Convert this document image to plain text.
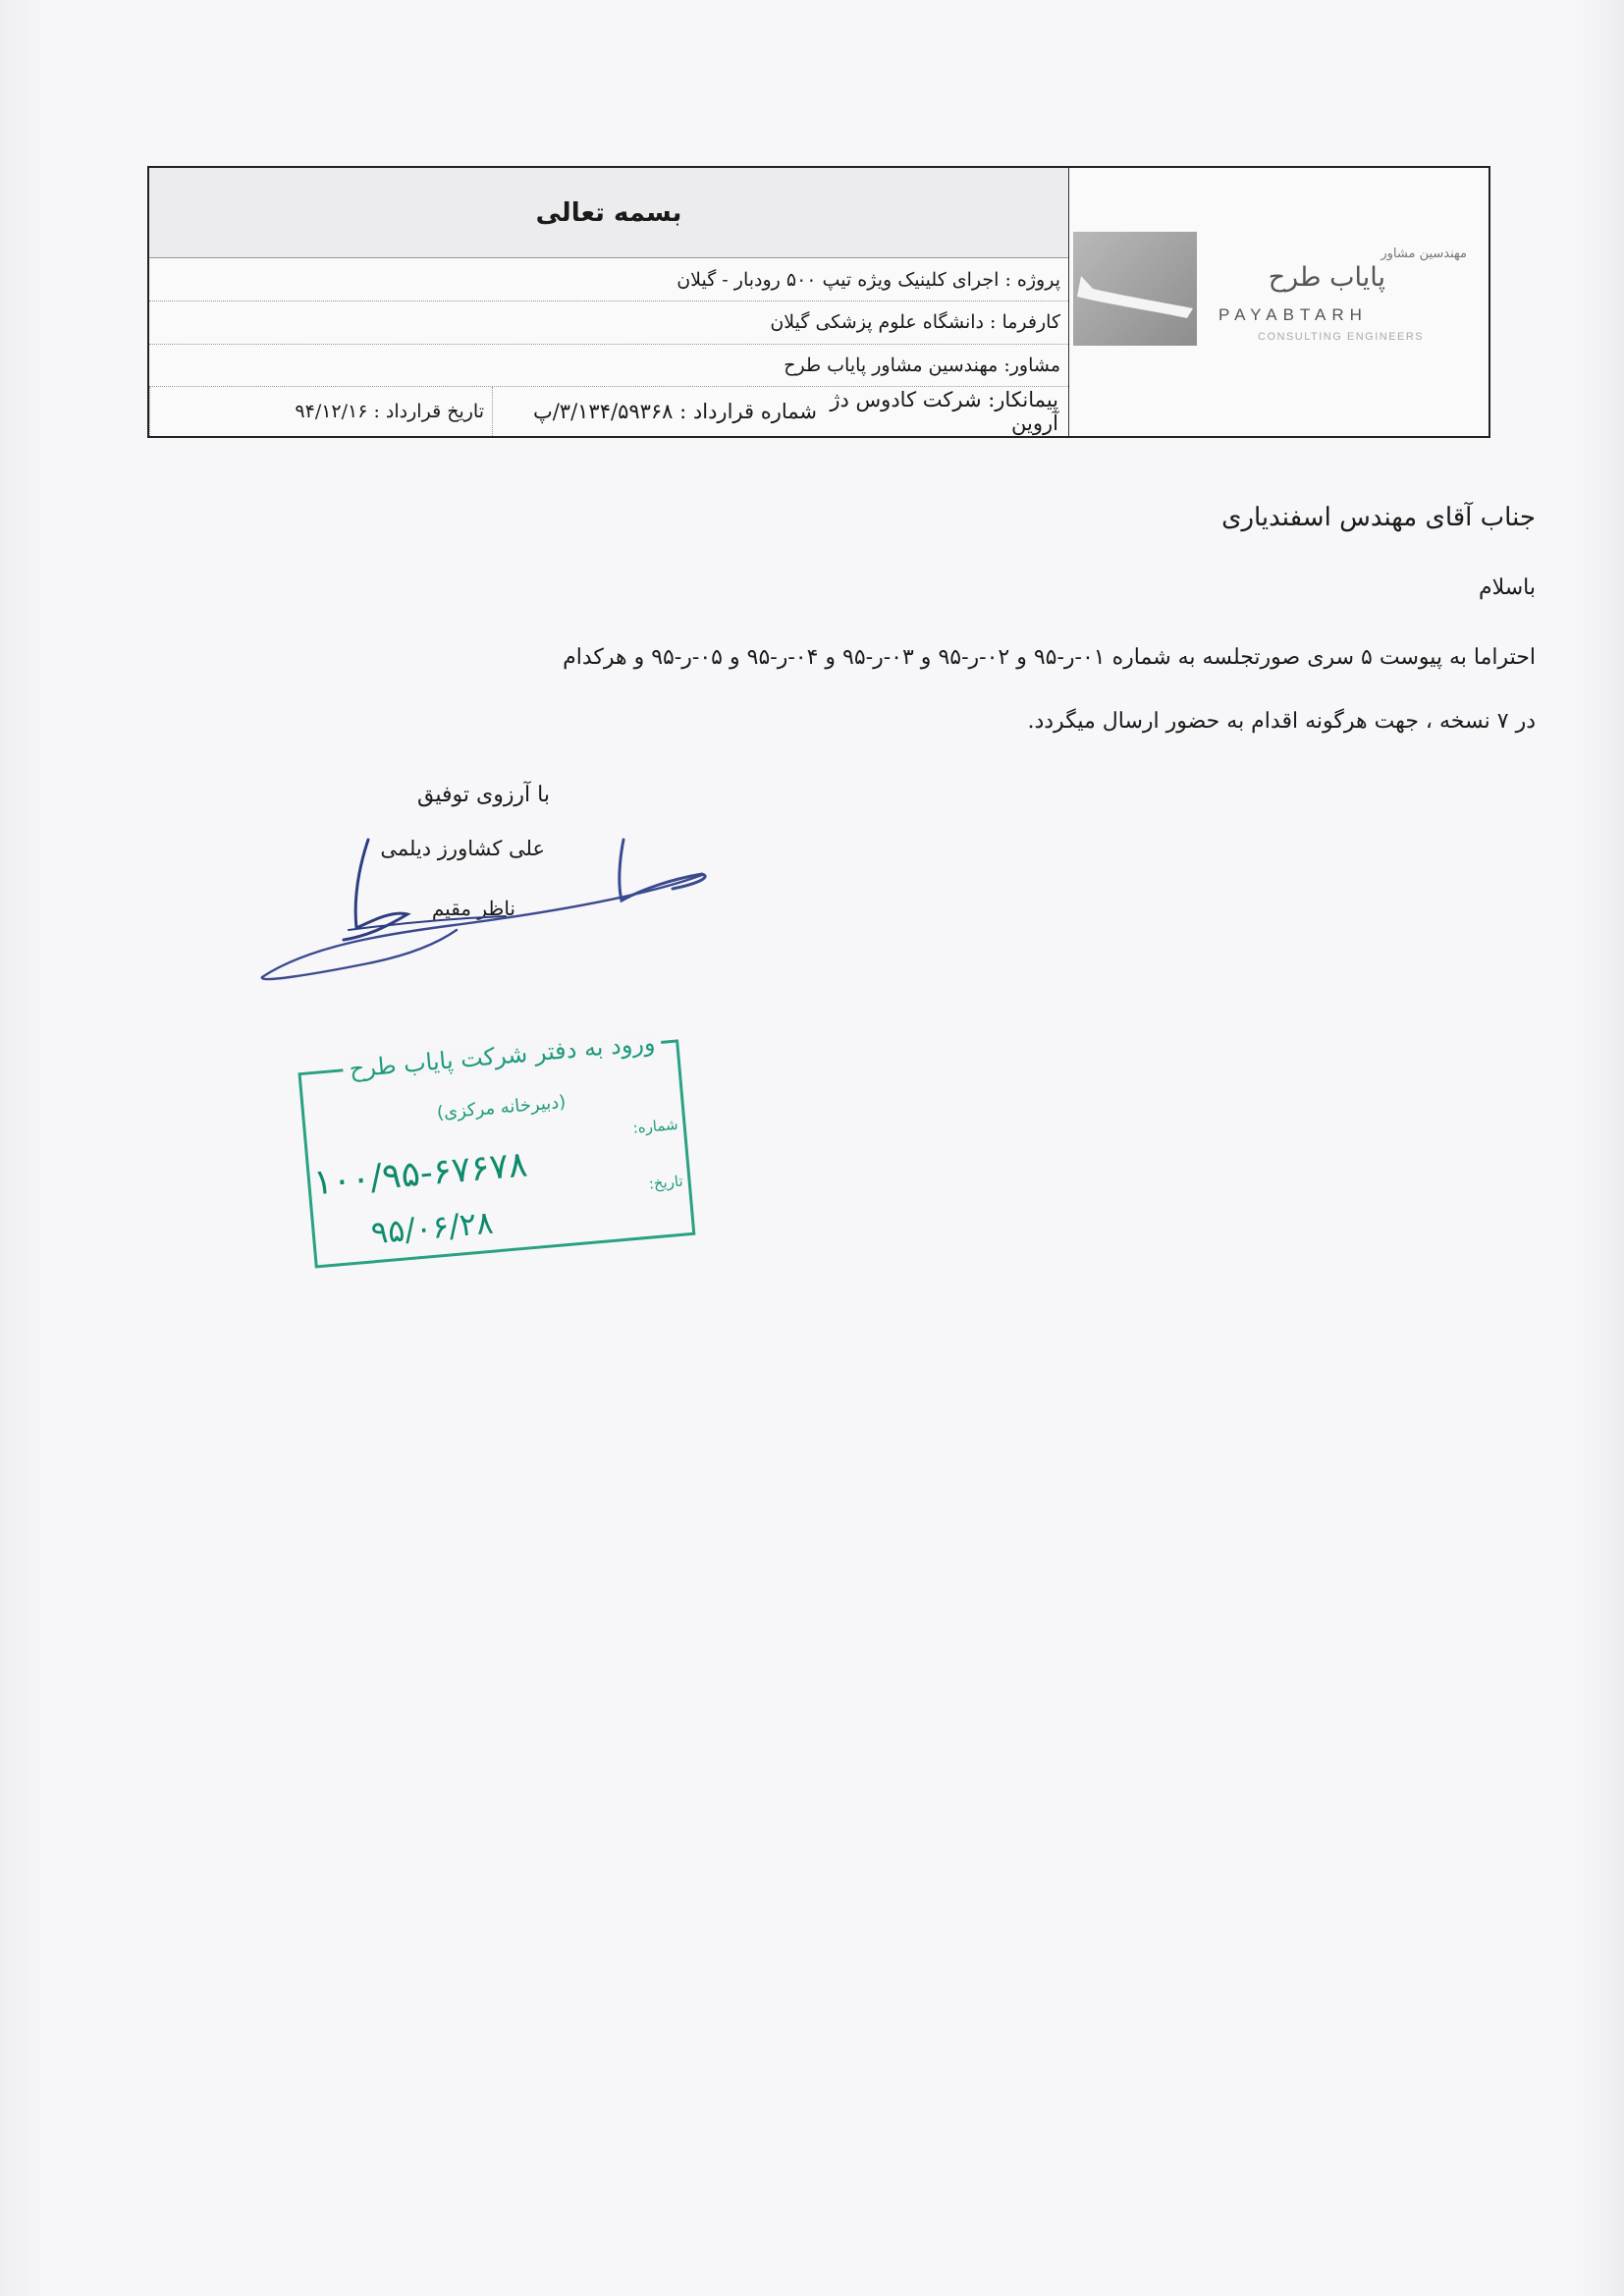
بسمه تعالی
پروژه : اجرای کلینیک ویژه تیپ ۵۰۰ رودبار - گیلان
کارفرما : دانشگاه علوم پزشکی گیلان
مشاور: مهندسین مشاور پایاب طرح
پیمانکار: شرکت کادوس دژ آروین
شماره قرارداد : ۳/۱۳۴/۵۹۳۶۸/پ
تاریخ قرارداد : ۹۴/۱۲/۱۶
مهندسین مشاور
پایاب طرح
PAYABTARH
CONSULTING ENGINEERS
جناب آقای مهندس اسفندیاری
باسلام
احتراما به پیوست ۵ سری صورتجلسه به شماره ۰۱-ر-۹۵ و ۰۲-ر-۹۵ و ۰۳-ر-۹۵ و ۰۴-ر-۹۵ و ۰۵-ر-۹۵ و هرکدام
در ۷ نسخه ، جهت هرگونه اقدام به حضور ارسال میگردد.
با آرزوی توفیق
علی کشاورز دیلمی
ناظر مقیم
ورود به دفتر شرکت پایاب طرح
(دبیرخانه مرکزی)
شماره:
تاریخ:
۱۰۰/۹۵-۶۷۶۷۸
۹۵/۰۶/۲۸
